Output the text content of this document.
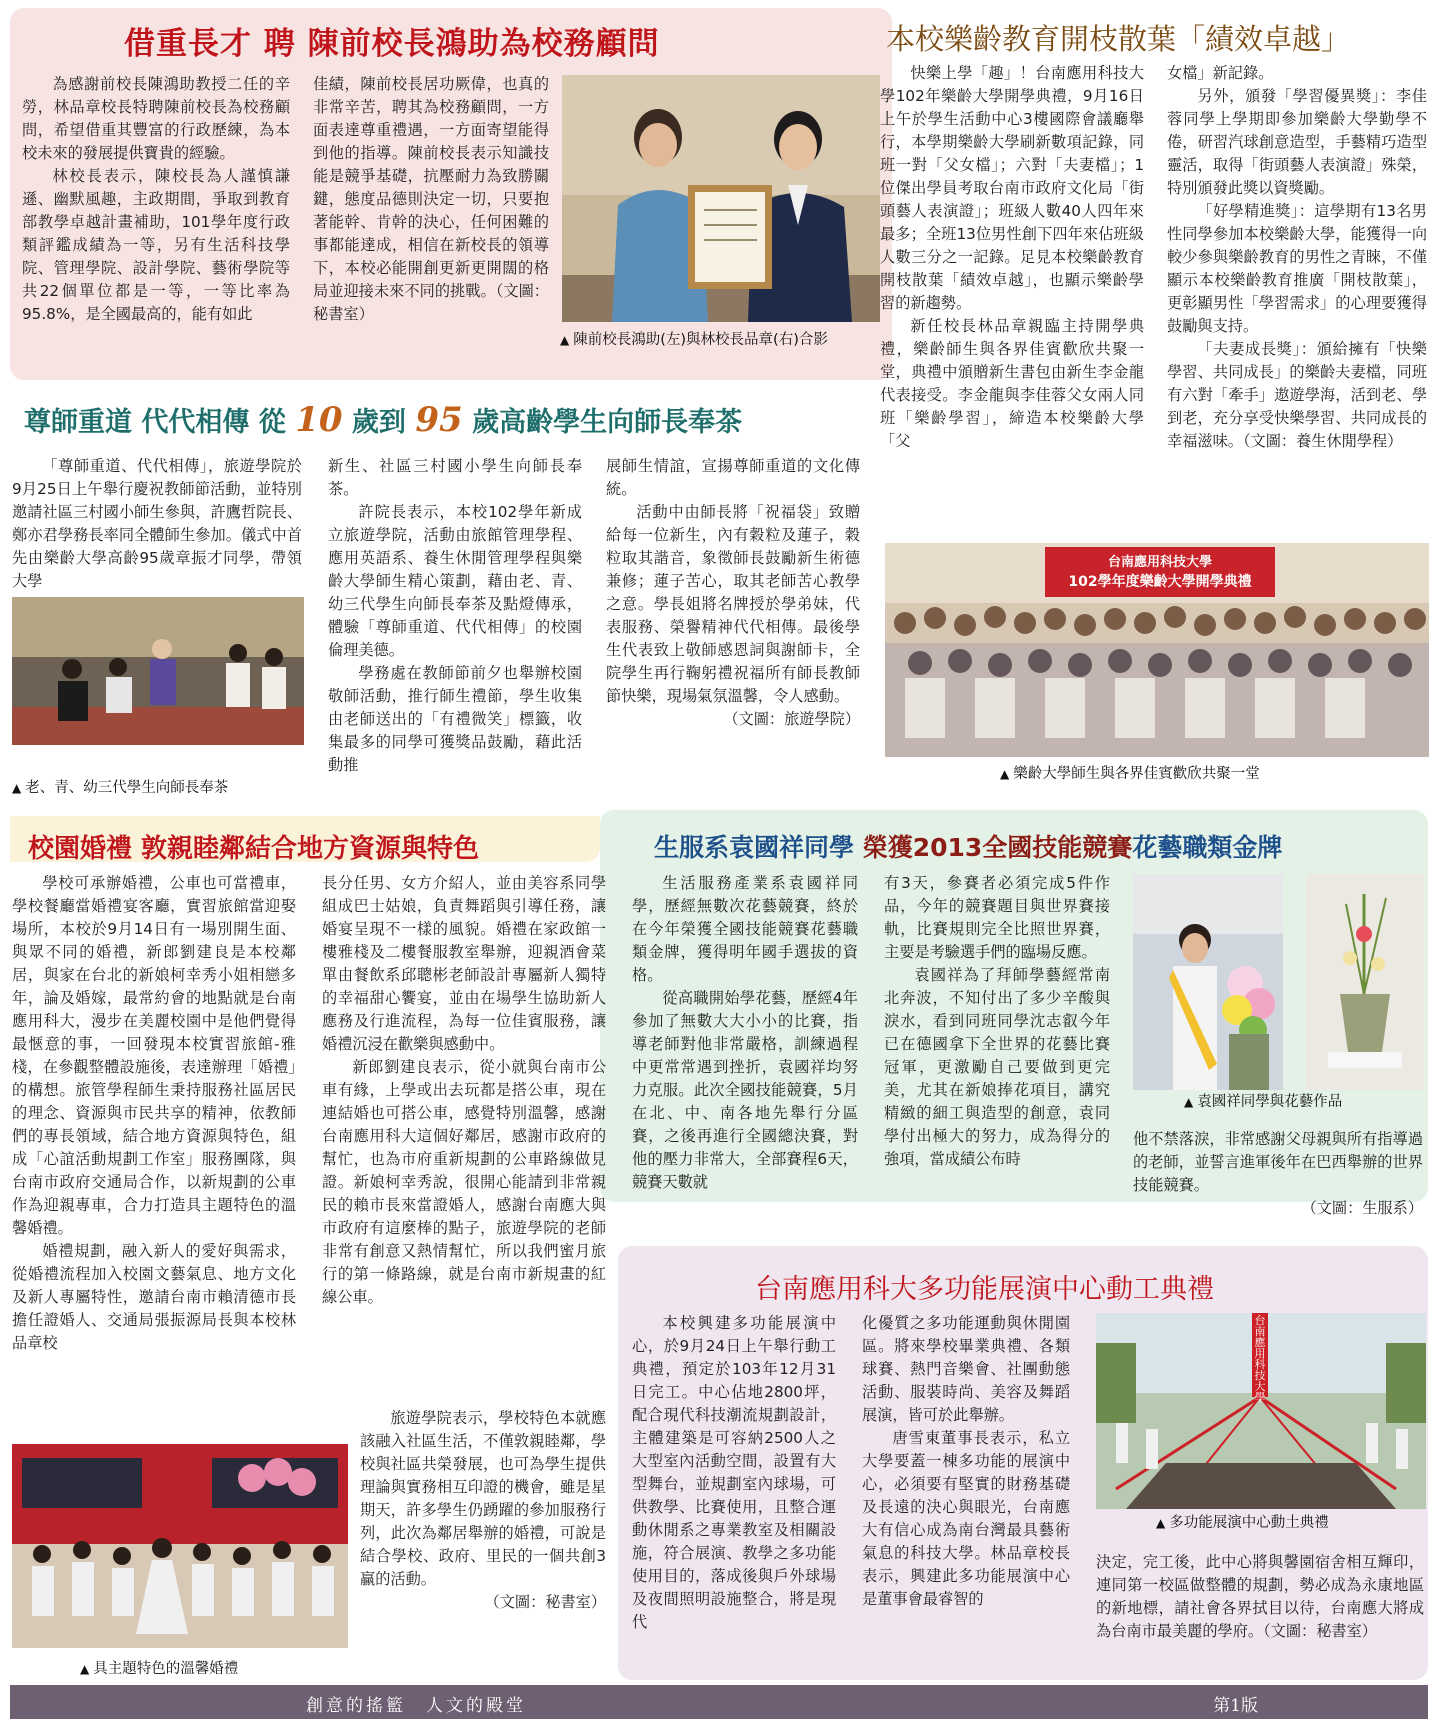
借重長才 聘 陳前校長鴻助為校務顧問

為感謝前校長陳鴻助教授二任的辛勞，林品章校長特聘陳前校長為校務顧問，希望借重其豐富的行政歷練，為本校未來的發展提供寶貴的經驗。

林校長表示，陳校長為人謹慎謙遜、幽默風趣，主政期間，爭取到教育部教學卓越計畫補助，101學年度行政類評鑑成績為一等，另有生活科技學院、管理學院、設計學院、藝術學院等共22個單位都是一等，一等比率為95.8%，是全國最高的，能有如此

佳績，陳前校長居功厥偉，也真的非常辛苦，聘其為校務顧問，一方面表達尊重禮遇，一方面寄望能得到他的指導。陳前校長表示知識技能是競爭基礎，抗壓耐力為致勝關鍵，態度品德則決定一切，只要抱著能幹、肯幹的決心，任何困難的事都能達成，相信在新校長的領導下，本校必能開創更新更開闊的格局並迎接未來不同的挑戰。（文圖：秘書室）

▲ 陳前校長鴻助(左)與林校長品章(右)合影
本校樂齡教育開枝散葉「績效卓越」

快樂上學「趣」！台南應用科技大學102年樂齡大學開學典禮，9月16日上午於學生活動中心3樓國際會議廳舉行，本學期樂齡大學刷新數項記錄，同班一對「父女檔」；六對「夫妻檔」；1位傑出學員考取台南市政府文化局「街頭藝人表演證」；班級人數40人四年來最多；全班13位男性創下四年來佔班級人數三分之一記錄。足見本校樂齡教育開枝散葉「績效卓越」，也顯示樂齡學習的新趨勢。

新任校長林品章親臨主持開學典禮，樂齡師生與各界佳賓歡欣共聚一堂，典禮中頒贈新生書包由新生李金龍代表接受。李金龍與李佳蓉父女兩人同班「樂齡學習」，締造本校樂齡大學「父

女檔」新記錄。

另外，頒發「學習優異獎」：李佳蓉同學上學期即參加樂齡大學勤學不倦，研習汽球創意造型，手藝精巧造型靈活，取得「街頭藝人表演證」殊榮，特別頒發此獎以資獎勵。

「好學精進獎」：這學期有13名男性同學參加本校樂齡大學，能獲得一向較少參與樂齡教育的男性之青睞，不僅顯示本校樂齡教育推廣「開枝散葉」，更彰顯男性「學習需求」的心理要獲得鼓勵與支持。

「夫妻成長獎」：頒給擁有「快樂學習、共同成長」的樂齡夫妻檔，同班有六對「牽手」遨遊學海，活到老、學到老，充分享受快樂學習、共同成長的幸福滋味。（文圖：養生休閒學程）

台南應用科技大學
102學年度樂齡大學開學典禮
▲ 樂齡大學師生與各界佳賓歡欣共聚一堂
尊師重道 代代相傳 從 10 歲到 95 歲高齡學生向師長奉茶

「尊師重道、代代相傳」，旅遊學院於9月25日上午舉行慶祝教師節活動，並特別邀請社區三村國小師生參與，許鷹哲院長、鄭亦君學務長率同全體師生參加。儀式中首先由樂齡大學高齡95歲章振才同學，帶領大學

▲ 老、青、幼三代學生向師長奉茶

新生、社區三村國小學生向師長奉茶。

許院長表示，本校102學年新成立旅遊學院，活動由旅館管理學程、應用英語系、養生休閒管理學程與樂齡大學師生精心策劃，藉由老、青、幼三代學生向師長奉茶及點燈傳承，體驗「尊師重道、代代相傳」的校園倫理美德。

學務處在教師節前夕也舉辦校園敬師活動，推行師生禮節，學生收集由老師送出的「有禮微笑」標籤，收集最多的同學可獲獎品鼓勵，藉此活動推

展師生情誼，宣揚尊師重道的文化傳統。

活動中由師長將「祝福袋」致贈給每一位新生，內有穀粒及蓮子，穀粒取其諧音，象徵師長鼓勵新生術德兼修；蓮子苦心，取其老師苦心教學之意。學長姐將名牌授於學弟妹，代表服務、榮譽精神代代相傳。最後學生代表致上敬師感恩詞與謝師卡，全院學生再行鞠躬禮祝福所有師長教師節快樂，現場氣氛溫馨，令人感動。

（文圖：旅遊學院）

校園婚禮 敦親睦鄰結合地方資源與特色

學校可承辦婚禮，公車也可當禮車，學校餐廳當婚禮宴客廳，實習旅館當迎娶場所，本校於9月14日有一場別開生面、與眾不同的婚禮，新郎劉建良是本校鄰居，與家在台北的新娘柯幸秀小姐相戀多年，論及婚嫁，最常約會的地點就是台南應用科大，漫步在美麗校園中是他們覺得最愜意的事，一回發現本校實習旅館-雅棧，在參觀整體設施後，表達辦理「婚禮」的構想。旅管學程師生秉持服務社區居民的理念、資源與市民共享的精神，依教師們的專長領域，結合地方資源與特色，組成「心誼活動規劃工作室」服務團隊，與台南市政府交通局合作，以新規劃的公車作為迎親專車，合力打造具主題特色的溫馨婚禮。

婚禮規劃，融入新人的愛好與需求，從婚禮流程加入校園文藝氣息、地方文化及新人專屬特性，邀請台南市賴清德市長擔任證婚人、交通局張振源局長與本校林品章校

長分任男、女方介紹人，並由美容系同學組成巴士姑娘，負責舞蹈與引導任務，讓婚宴呈現不一樣的風貌。婚禮在家政館一樓雅棧及二樓餐服教室舉辦，迎親酒會菜單由餐飲系邱聰彬老師設計專屬新人獨特的幸福甜心饗宴，並由在場學生協助新人應務及行進流程，為每一位佳賓服務，讓婚禮沉浸在歡樂與感動中。

新郎劉建良表示，從小就與台南市公車有緣，上學或出去玩都是搭公車，現在連結婚也可搭公車，感覺特別溫馨，感謝台南應用科大這個好鄰居，感謝市政府的幫忙，也為市府重新規劃的公車路線做見證。新娘柯幸秀說，很開心能請到非常親民的賴市長來當證婚人，感謝台南應大與市政府有這麼棒的點子，旅遊學院的老師非常有創意又熱情幫忙，所以我們蜜月旅行的第一條路線，就是台南市新規畫的紅線公車。

▲ 具主題特色的溫馨婚禮

旅遊學院表示，學校特色本就應該融入社區生活，不僅敦親睦鄰，學校與社區共榮發展，也可為學生提供理論與實務相互印證的機會，雖是星期天，許多學生仍踴躍的參加服務行列，此次為鄰居舉辦的婚禮，可說是結合學校、政府、里民的一個共創3贏的活動。

（文圖：秘書室）

生服系袁國祥同學 榮獲2013全國技能競賽花藝職類金牌

生活服務產業系袁國祥同學，歷經無數次花藝競賽，終於在今年榮獲全國技能競賽花藝職類金牌，獲得明年國手選拔的資格。

從高職開始學花藝，歷經4年參加了無數大大小小的比賽，指導老師對他非常嚴格，訓練過程中更常常遇到挫折，袁國祥均努力克服。此次全國技能競賽，5月在北、中、南各地先舉行分區賽，之後再進行全國總決賽，對他的壓力非常大，全部賽程6天，競賽天數就

有3天，參賽者必須完成5件作品，今年的競賽題目與世界賽接軌，比賽規則完全比照世界賽，主要是考驗選手們的臨場反應。

袁國祥為了拜師學藝經常南北奔波，不知付出了多少辛酸與淚水，看到同班同學沈志叡今年已在德國拿下全世界的花藝比賽冠軍，更激勵自己要做到更完美，尤其在新娘捧花項目，講究精緻的細工與造型的創意，袁同學付出極大的努力，成為得分的強項，當成績公布時

▲ 袁國祥同學與花藝作品

他不禁落淚，非常感謝父母親與所有指導過的老師，並誓言進軍後年在巴西舉辦的世界技能競賽。

（文圖：生服系）

台南應用科大多功能展演中心動工典禮

本校興建多功能展演中心，於9月24日上午舉行動工典禮，預定於103年12月31日完工。中心佔地2800坪，配合現代科技潮流規劃設計，主體建築是可容納2500人之大型室內活動空間，設置有大型舞台，並規劃室內球場，可供教學、比賽使用，且整合運動休閒系之專業教室及相關設施，符合展演、教學之多功能使用目的，落成後與戶外球場及夜間照明設施整合，將是現代

化優質之多功能運動與休閒園區。將來學校畢業典禮、各類球賽、熱門音樂會、社團動態活動、服裝時尚、美容及舞蹈展演，皆可於此舉辦。

唐雪東董事長表示，私立大學要蓋一棟多功能的展演中心，必須要有堅實的財務基礎及長遠的決心與眼光，台南應大有信心成為南台灣最具藝術氣息的科技大學。林品章校長表示，興建此多功能展演中心是董事會最睿智的

台南應用科技大學
▲ 多功能展演中心動土典禮

決定，完工後，此中心將與馨園宿舍相互輝印，連同第一校區做整體的規劃，勢必成為永康地區的新地標，請社會各界拭目以待，台南應大將成為台南市最美麗的學府。（文圖：秘書室）

創意的搖籃　人文的殿堂	第1版
